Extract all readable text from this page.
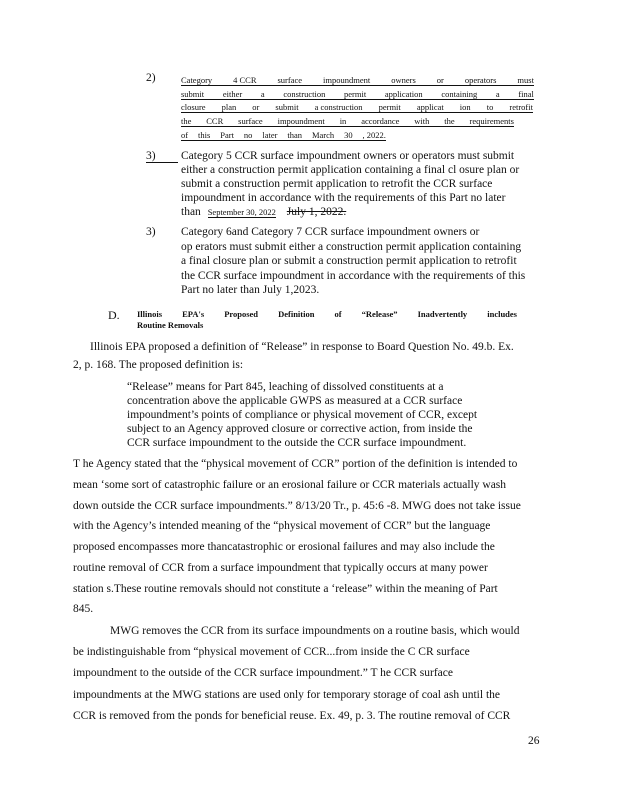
2)	Category 4 CCR surface impoundment owners or operators must
submit either a construction permit application containing a final
closure plan or submit a construction permit applicat ion to retrofit
the CCR surface impoundment in accordance with the requirements
of this Part no later than March 30 , 2022.
3)	Category 5 CCR surface impoundment owners or operators must submit
either a construction permit application containing a final cl osure plan or
submit a construction permit application to retrofit the CCR surface
impoundment in accordance with the requirements of this Part no later
than September 30, 2022 July 1, 2022.
3) Category 6and Category 7 CCR surface impoundment owners or
op erators must submit either a construction permit application containing
a final closure plan or submit a construction permit application to retrofit
the CCR surface impoundment in accordance with the requirements of this
Part no later than July 1,2023.
D. Illinois EPA's Proposed Definition of “Release” Inadvertently includes
Routine Removals
Illinois EPA proposed a definition of “Release” in response to Board Question No. 49.b. Ex.
2, p. 168. The proposed definition is:
“Release” means for Part 845, leaching of dissolved constituents at a
concentration above the applicable GWPS as measured at a CCR surface
impoundment’s points of compliance or physical movement of CCR, except
subject to an Agency approved closure or corrective action, from inside the
CCR surface impoundment to the outside the CCR surface impoundment.
T he Agency stated that the “physical movement of CCR” portion of the definition is intended to
mean ‘some sort of catastrophic failure or an erosional failure or CCR materials actually wash
down outside the CCR surface impoundments.” 8/13/20 Tr., p. 45:6 -8. MWG does not take issue
with the Agency’s intended meaning of the “physical movement of CCR” but the language
proposed encompasses more thancatastrophic or erosional failures and may also include the
routine removal of CCR from a surface impoundment that typically occurs at many power
station s.These routine removals should not constitute a ‘release” within the meaning of Part
845.
MWG removes the CCR from its surface impoundments on a routine basis, which would
be indistinguishable from “physical movement of CCR...from inside the C CR surface
impoundment to the outside of the CCR surface impoundment.” T he CCR surface
impoundments at the MWG stations are used only for temporary storage of coal ash until the
CCR is removed from the ponds for beneficial reuse. Ex. 49, p. 3. The routine removal of CCR
26
